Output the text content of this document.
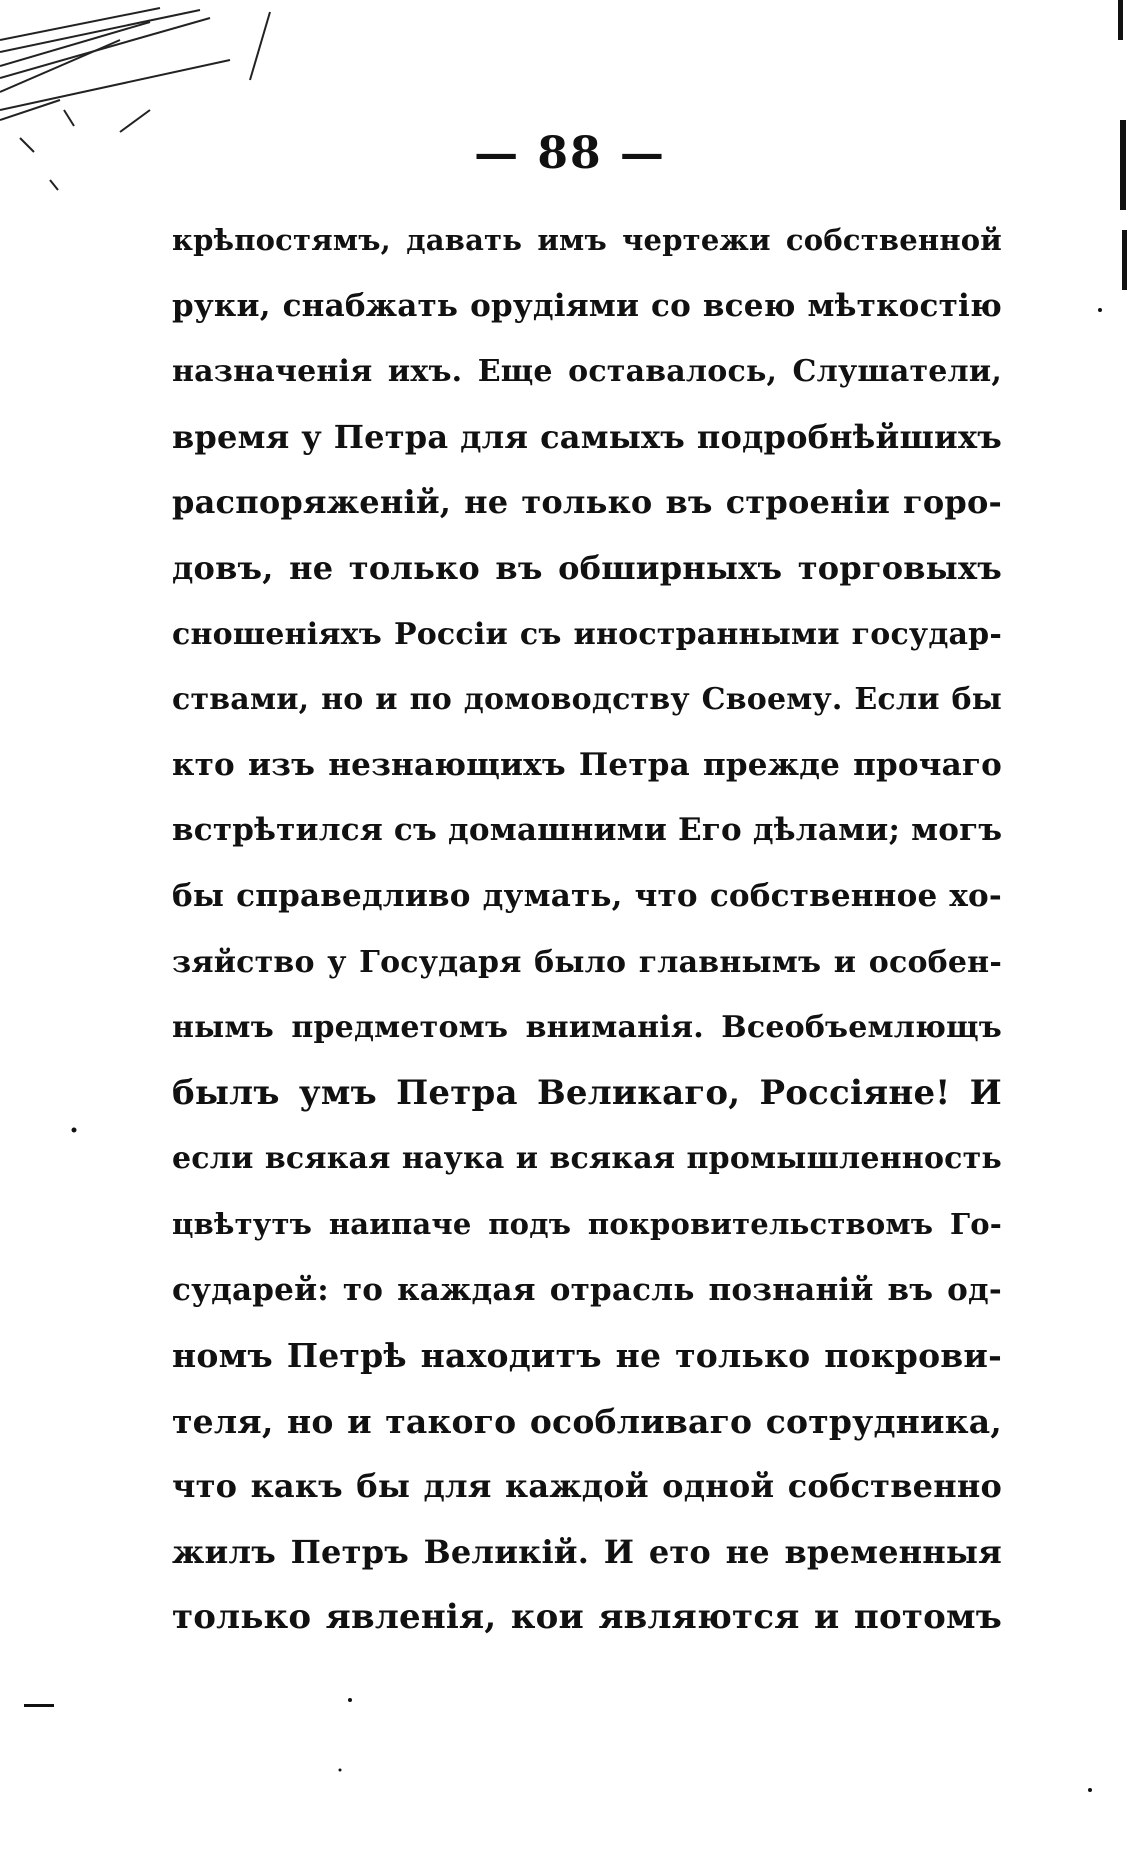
— 88 —
крѣпостямъ, давать имъ чертежи собственной
руки, снабжать орудіями со всею мѣткостію
назначенія ихъ. Еще оставалось, Слушатели,
время у Петра для самыхъ подробнѣйшихъ
распоряженій, не только въ строеніи горо-
довъ, не только въ обширныхъ торговыхъ
сношеніяхъ Россіи съ иностранными государ-
ствами, но и по домоводству Своему. Если бы
кто изъ незнающихъ Петра прежде прочаго
встрѣтился съ домашними Его дѣлами; могъ
бы справедливо думать, что собственное хо-
зяйство у Государя было главнымъ и особен-
нымъ предметомъ вниманія. Всеобъемлющъ
былъ умъ Петра Великаго, Россіяне! И
если всякая наука и всякая промышленность
цвѣтутъ наипаче подъ покровительствомъ Го-
сударей: то каждая отрасль познаній въ од-
номъ Петрѣ находитъ не только покрови-
теля, но и такого особливаго сотрудника,
что какъ бы для каждой одной собственно
жилъ Петръ Великій. И ето не временныя
только явленія, кои являются и потомъ
